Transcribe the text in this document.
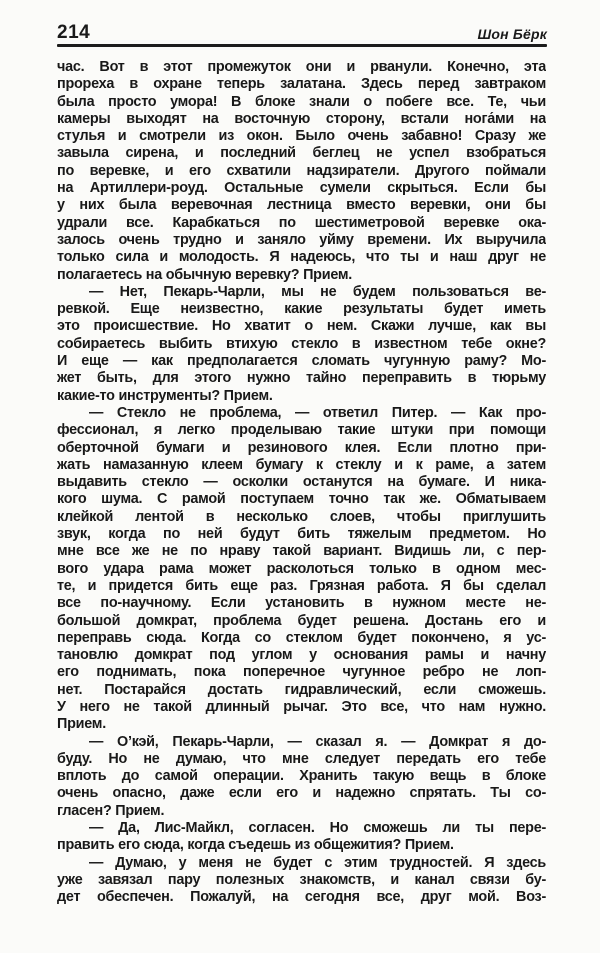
214	Шон Бёрк
час. Вот в этот промежуток они и рванули. Конечно, эта
прореха в охране теперь залатана. Здесь перед завтраком
была просто умора! В блоке знали о побеге все. Те, чьи
камеры выходят на восточную сторону, встали нога́ми на
стулья и смотрели из окон. Было очень забавно! Сразу же
завыла сирена, и последний беглец не успел взобраться
по веревке, и его схватили надзиратели. Другого поймали
на Артиллери-роуд. Остальные сумели скрыться. Если бы
у них была веревочная лестница вместо веревки, они бы
удрали все. Карабкаться по шестиметровой веревке ока-
залось очень трудно и заняло уйму времени. Их выручила
только сила и молодость. Я надеюсь, что ты и наш друг не
полагаетесь на обычную веревку? Прием.
— Нет, Пекарь-Чарли, мы не будем пользоваться ве-
ревкой. Еще неизвестно, какие результаты будет иметь
это происшествие. Но хватит о нем. Скажи лучше, как вы
собираетесь выбить втихую стекло в известном тебе окне?
И еще — как предполагается сломать чугунную раму? Мо-
жет быть, для этого нужно тайно переправить в тюрьму
какие-то инструменты? Прием.
— Стекло не проблема, — ответил Питер. — Как про-
фессионал, я легко проделываю такие штуки при помощи
оберточной бумаги и резинового клея. Если плотно при-
жать намазанную клеем бумагу к стеклу и к раме, а затем
выдавить стекло — осколки останутся на бумаге. И ника-
кого шума. С рамой поступаем точно так же. Обматываем
клейкой лентой в несколько слоев, чтобы приглушить
звук, когда по ней будут бить тяжелым предметом. Но
мне все же не по нраву такой вариант. Видишь ли, с пер-
вого удара рама может расколоться только в одном мес-
те, и придется бить еще раз. Грязная работа. Я бы сделал
все по-научному. Если установить в нужном месте не-
большой домкрат, проблема будет решена. Достань его и
переправь сюда. Когда со стеклом будет покончено, я ус-
тановлю домкрат под углом у основания рамы и начну
его поднимать, пока поперечное чугунное ребро не лоп-
нет. Постарайся достать гидравлический, если сможешь.
У него не такой длинный рычаг. Это все, что нам нужно.
Прием.
— О’кэй, Пекарь-Чарли, — сказал я. — Домкрат я до-
буду. Но не думаю, что мне следует передать его тебе
вплоть до самой операции. Хранить такую вещь в блоке
очень опасно, даже если его и надежно спрятать. Ты со-
гласен? Прием.
— Да, Лис-Майкл, согласен. Но сможешь ли ты пере-
править его сюда, когда съедешь из общежития? Прием.
— Думаю, у меня не будет с этим трудностей. Я здесь
уже завязал пару полезных знакомств, и канал связи бу-
дет обеспечен. Пожалуй, на сегодня все, друг мой. Воз-
